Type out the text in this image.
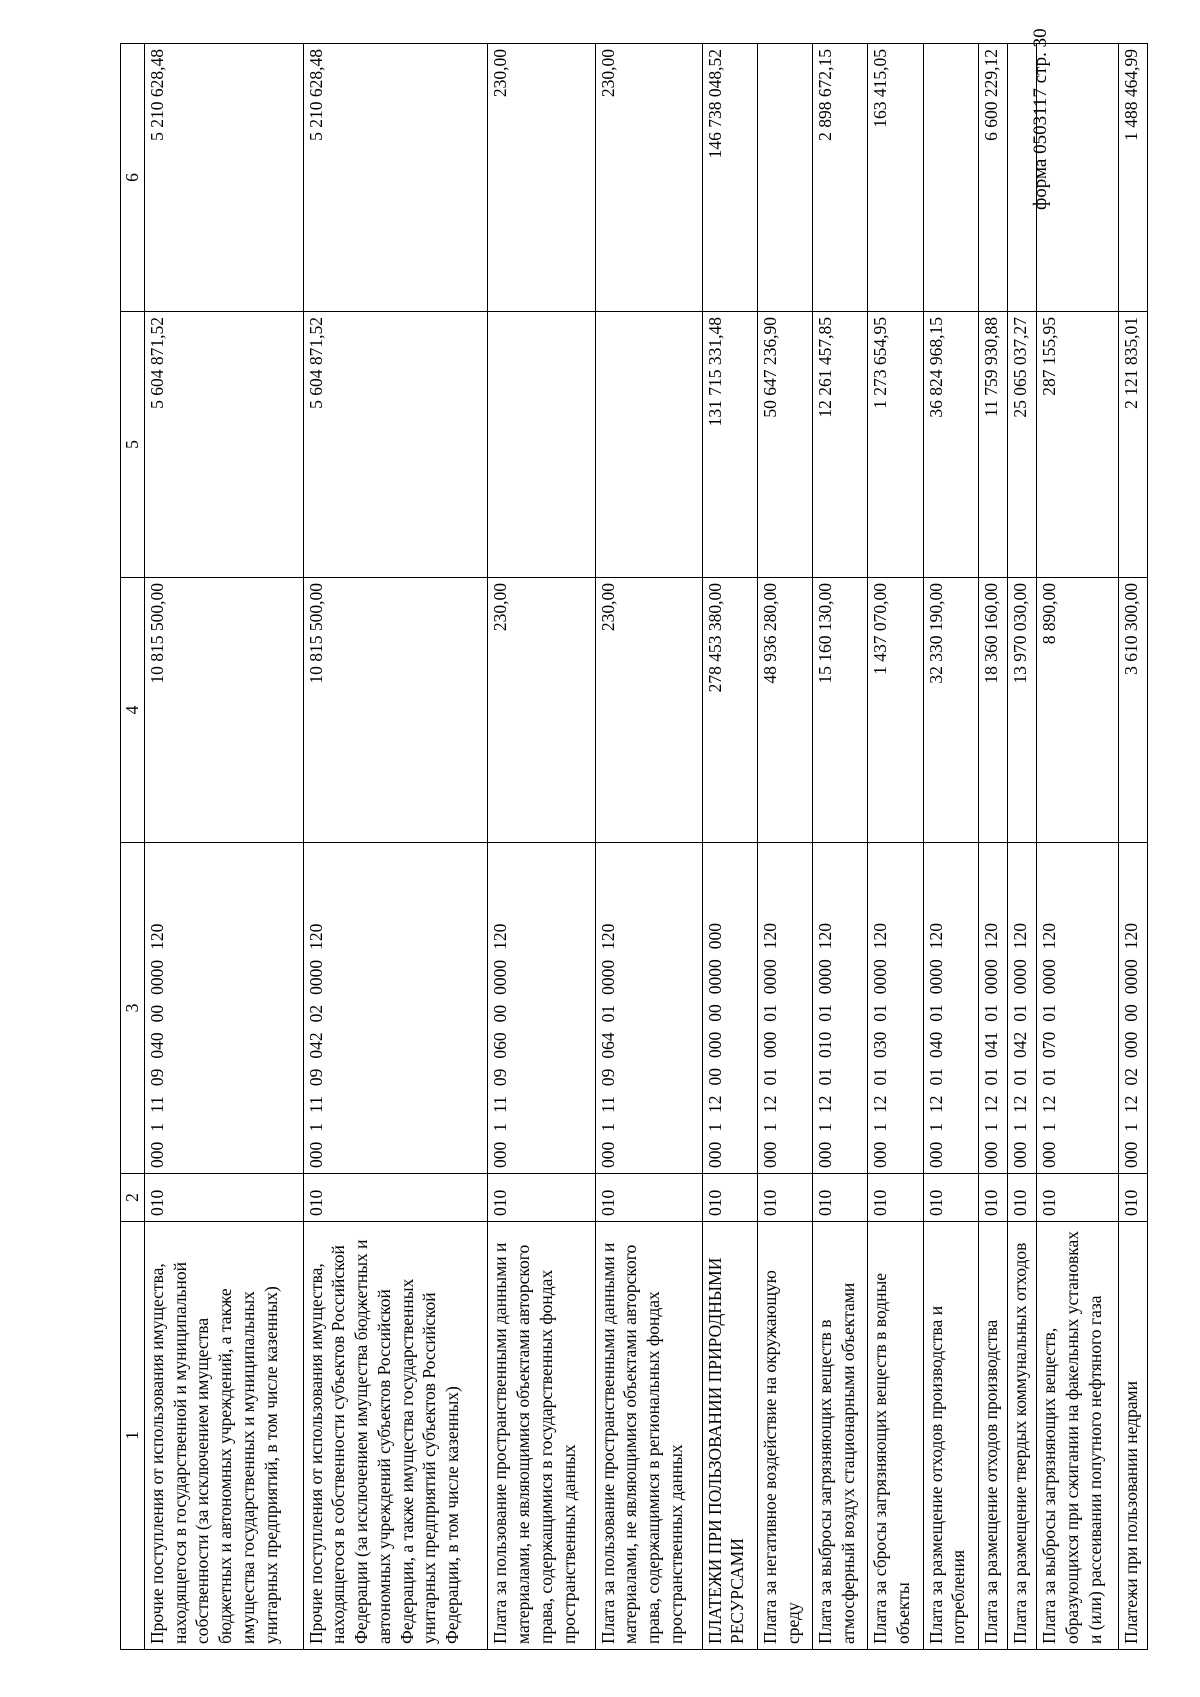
форма 0503117 стр. 30
1	2	3	4	5	6
Прочие поступления от использования имущества, находящегося в государственной и муниципальной собственности (за исключением имущества бюджетных и автономных учреждений, а также имущества государственных и муниципальных унитарных предприятий, в том числе казенных)	010	00011109040000000120	10 815 500,00	5 604 871,52	5 210 628,48
Прочие поступления от использования имущества, находящегося в собственности субъектов Российской Федерации (за исключением имущества бюджетных и автономных учреждений субъектов Российской Федерации, а также имущества государственных унитарных предприятий субъектов Российской Федерации, в том числе казенных)	010	00011109042020000120	10 815 500,00	5 604 871,52	5 210 628,48
Плата за пользование пространственными данными и материалами, не являющимися объектами авторского права, содержащимися в государственных фондах пространственных данных	010	00011109060000000120	230,00		230,00
Плата за пользование пространственными данными и материалами, не являющимися объектами авторского права, содержащимися в региональных фондах пространственных данных	010	00011109064010000120	230,00		230,00
ПЛАТЕЖИ ПРИ ПОЛЬЗОВАНИИ ПРИРОДНЫМИ РЕСУРСАМИ	010	00011200000000000000	278 453 380,00	131 715 331,48	146 738 048,52
Плата за негативное воздействие на окружающую среду	010	00011201000010000120	48 936 280,00	50 647 236,90	
Плата за выбросы загрязняющих веществ в атмосферный воздух стационарными объектами	010	00011201010010000120	15 160 130,00	12 261 457,85	2 898 672,15
Плата за сбросы загрязняющих веществ в водные объекты	010	00011201030010000120	1 437 070,00	1 273 654,95	163 415,05
Плата за размещение отходов производства и потребления	010	00011201040010000120	32 330 190,00	36 824 968,15	
Плата за размещение отходов производства	010	00011201041010000120	18 360 160,00	11 759 930,88	6 600 229,12
Плата за размещение твердых коммунальных отходов	010	00011201042010000120	13 970 030,00	25 065 037,27	
Плата за выбросы загрязняющих веществ, образующихся при сжигании на факельных установках и (или) рассеивании попутного нефтяного газа	010	00011201070010000120	8 890,00	287 155,95	
Платежи при пользовании недрами	010	00011202000000000120	3 610 300,00	2 121 835,01	1 488 464,99
